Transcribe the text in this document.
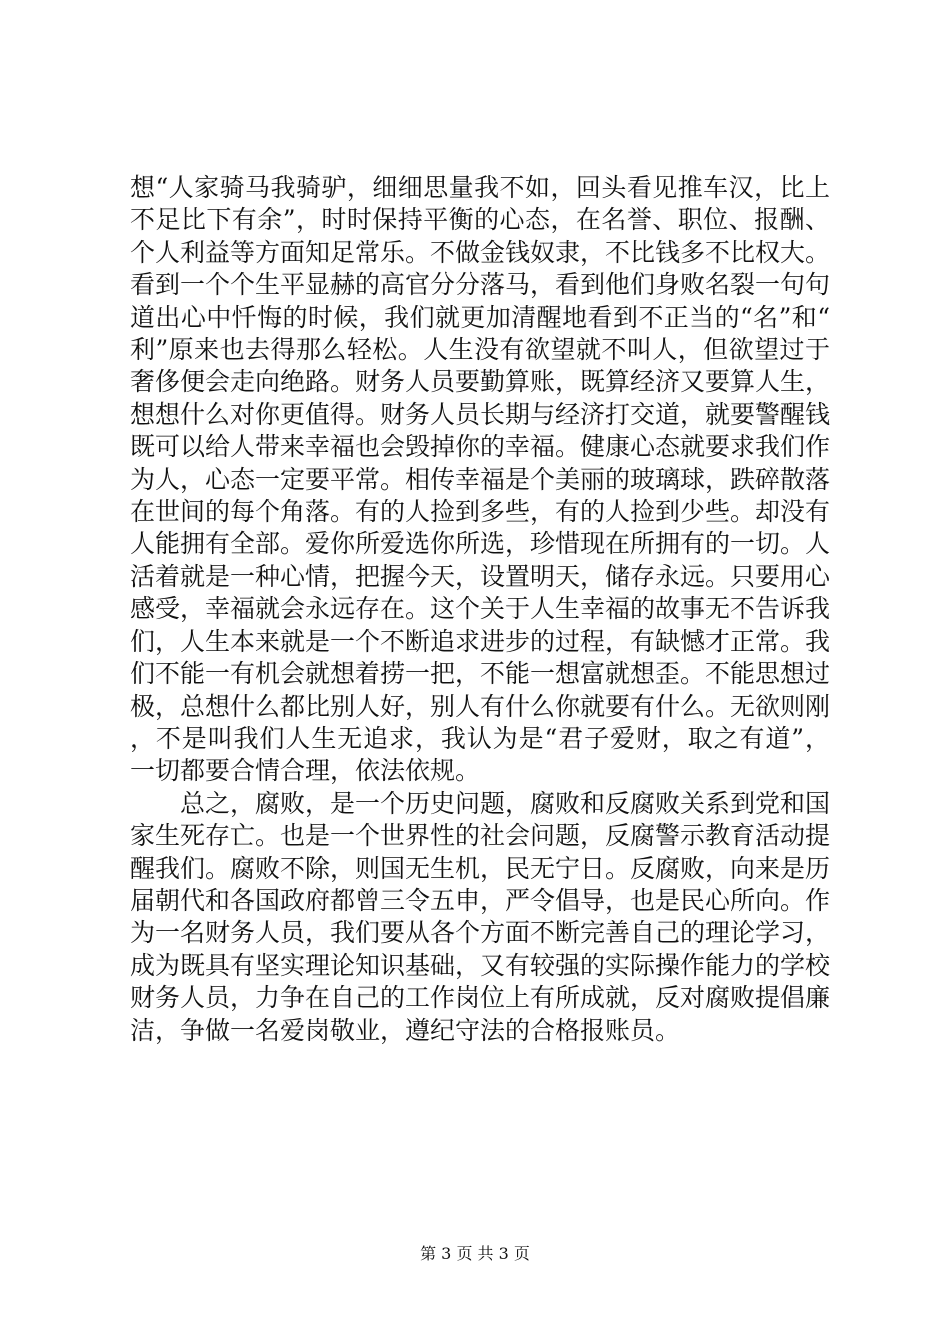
想“人家骑马我骑驴，细细思量我不如，回头看见推车汉，比上不足比下有余”，时时保持平衡的心态，在名誉、职位、报酬、个人利益等方面知足常乐。不做金钱奴隶，不比钱多不比权大。看到一个个生平显赫的高官分分落马，看到他们身败名裂一句句道出心中忏悔的时候，我们就更加清醒地看到不正当的“名”和“利”原来也去得那么轻松。人生没有欲望就不叫人，但欲望过于奢侈便会走向绝路。财务人员要勤算账，既算经济又要算人生，想想什么对你更值得。财务人员长期与经济打交道，就要警醒钱既可以给人带来幸福也会毁掉你的幸福。健康心态就要求我们作为人，心态一定要平常。相传幸福是个美丽的玻璃球，跌碎散落在世间的每个角落。有的人捡到多些，有的人捡到少些。却没有人能拥有全部。爱你所爱选你所选，珍惜现在所拥有的一切。人活着就是一种心情，把握今天，设置明天，储存永远。只要用心感受，幸福就会永远存在。这个关于人生幸福的故事无不告诉我们，人生本来就是一个不断追求进步的过程，有缺憾才正常。我们不能一有机会就想着捞一把，不能一想富就想歪。不能思想过极，总想什么都比别人好，别人有什么你就要有什么。无欲则刚，不是叫我们人生无追求，我认为是“君子爱财，取之有道”，一切都要合情合理，依法依规。

总之，腐败，是一个历史问题，腐败和反腐败关系到党和国家生死存亡。也是一个世界性的社会问题，反腐警示教育活动提醒我们。腐败不除，则国无生机，民无宁日。反腐败，向来是历届朝代和各国政府都曾三令五申，严令倡导，也是民心所向。作为一名财务人员，我们要从各个方面不断完善自己的理论学习，成为既具有坚实理论知识基础，又有较强的实际操作能力的学校财务人员，力争在自己的工作岗位上有所成就，反对腐败提倡廉洁，争做一名爱岗敬业，遵纪守法的合格报账员。

第 3 页 共 3 页
